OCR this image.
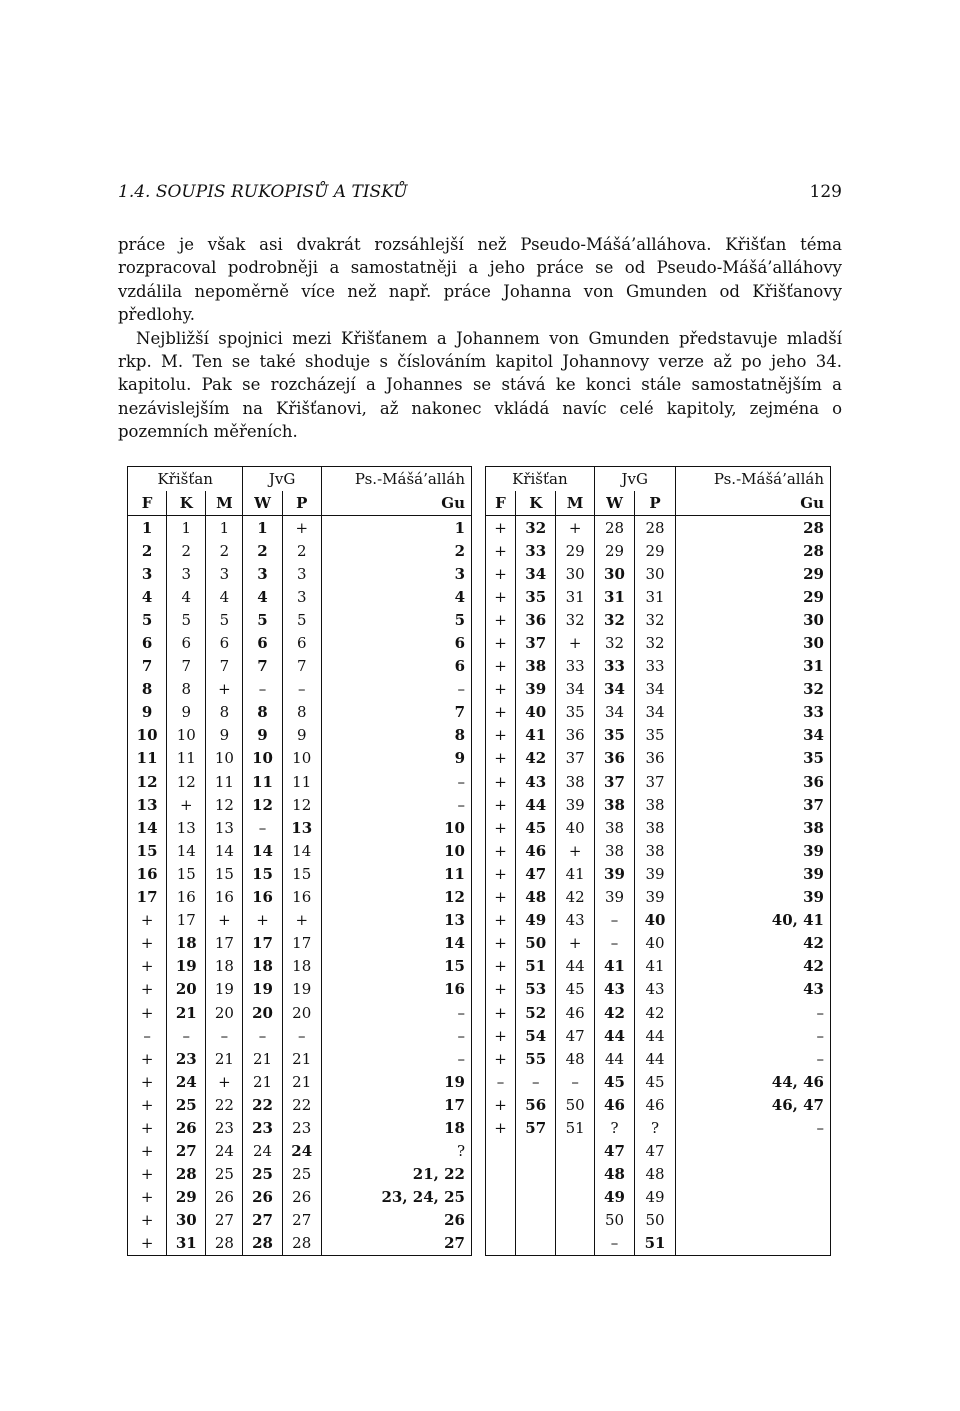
1.4. SOUPIS RUKOPISŮ A TISKŮ	129

práce je však asi dvakrát rozsáhlejší než Pseudo-Mášá’alláhova. Křišťan téma rozpracoval podrobněji a samostatněji a jeho práce se od Pseudo-Mášá’alláhovy vzdálila nepoměrně více než např. práce Johanna von Gmunden od Křišťanovy předlohy.

Nejbližší spojnici mezi Křišťanem a Johannem von Gmunden představuje mladší rkp. M. Ten se také shoduje s číslováním kapitol Johannovy verze až po jeho 34. kapitolu. Pak se rozcházejí a Johannes se stává ke konci stále samostatnějším a nezávislejším na Křišťanovi, až nakonec vkládá navíc celé kapitoly, zejména o pozemních měřeních.

Křišťan			JvG		Ps.-Mášá’alláh
F	K	M	W	P	Gu
1	1	1	1	+	1
2	2	2	2	2	2
3	3	3	3	3	3
4	4	4	4	3	4
5	5	5	5	5	5
6	6	6	6	6	6
7	7	7	7	7	6
8	8	+	–	–	–
9	9	8	8	8	7
10	10	9	9	9	8
11	11	10	10	10	9
12	12	11	11	11	–
13	+	12	12	12	–
14	13	13	–	13	10
15	14	14	14	14	10
16	15	15	15	15	11
17	16	16	16	16	12
+	17	+	+	+	13
+	18	17	17	17	14
+	19	18	18	18	15
+	20	19	19	19	16
+	21	20	20	20	–
–	–	–	–	–	–
+	23	21	21	21	–
+	24	+	21	21	19
+	25	22	22	22	17
+	26	23	23	23	18
+	27	24	24	24	?
+	28	25	25	25	21, 22
+	29	26	26	26	23, 24, 25
+	30	27	27	27	26
+	31	28	28	28	27
Křišťan			JvG		Ps.-Mášá’alláh
F	K	M	W	P	Gu
+	32	+	28	28	28
+	33	29	29	29	28
+	34	30	30	30	29
+	35	31	31	31	29
+	36	32	32	32	30
+	37	+	32	32	30
+	38	33	33	33	31
+	39	34	34	34	32
+	40	35	34	34	33
+	41	36	35	35	34
+	42	37	36	36	35
+	43	38	37	37	36
+	44	39	38	38	37
+	45	40	38	38	38
+	46	+	38	38	39
+	47	41	39	39	39
+	48	42	39	39	39
+	49	43	–	40	40, 41
+	50	+	–	40	42
+	51	44	41	41	42
+	53	45	43	43	43
+	52	46	42	42	–
+	54	47	44	44	–
+	55	48	44	44	–
–	–	–	45	45	44, 46
+	56	50	46	46	46, 47
+	57	51	?	?	–
			47	47	
			48	48	
			49	49	
			50	50	
			–	51	
